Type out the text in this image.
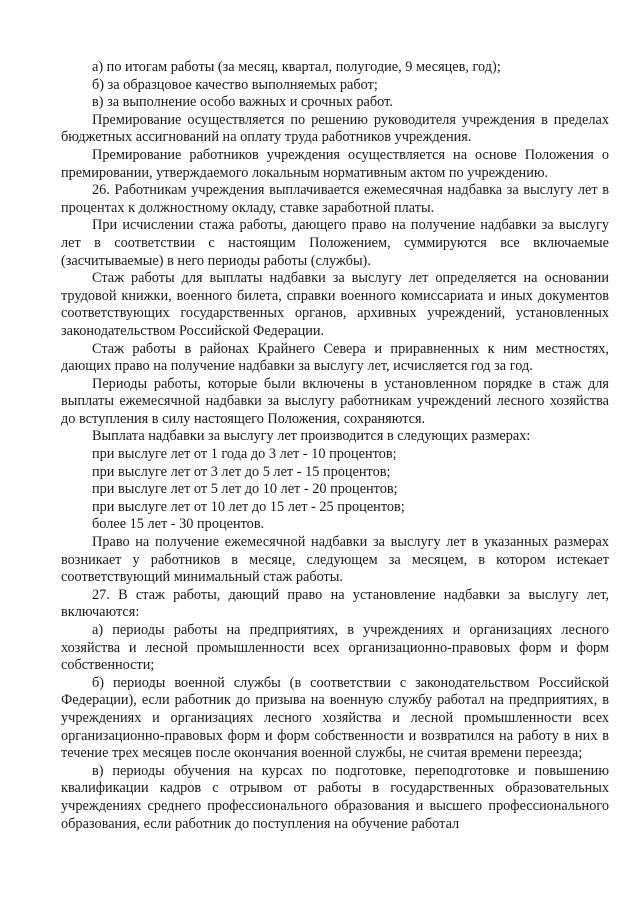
а) по итогам работы (за месяц, квартал, полугодие, 9 месяцев, год);

б) за образцовое качество выполняемых работ;

в) за выполнение особо важных и срочных работ.

Премирование осуществляется по решению руководителя учреждения в пределах бюджетных ассигнований на оплату труда работников учреждения.

Премирование работников учреждения осуществляется на основе Положения о премировании, утверждаемого локальным нормативным актом по учреждению.

26. Работникам учреждения выплачивается ежемесячная надбавка за выслугу лет в процентах к должностному окладу, ставке заработной платы.

При исчислении стажа работы, дающего право на получение надбавки за выслугу лет в соответствии с настоящим Положением, суммируются все включаемые (засчитываемые) в него периоды работы (службы).

Стаж работы для выплаты надбавки за выслугу лет определяется на основании трудовой книжки, военного билета, справки военного комиссариата и иных документов соответствующих государственных органов, архивных учреждений, установленных законодательством Российской Федерации.

Стаж работы в районах Крайнего Севера и приравненных к ним местностях, дающих право на получение надбавки за выслугу лет, исчисляется год за год.

Периоды работы, которые были включены в установленном порядке в стаж для выплаты ежемесячной надбавки за выслугу работникам учреждений лесного хозяйства до вступления в силу настоящего Положения, сохраняются.

Выплата надбавки за выслугу лет производится в следующих размерах:

при выслуге лет от 1 года до 3 лет - 10 процентов;

при выслуге лет от 3 лет до 5 лет - 15 процентов;

при выслуге лет от 5 лет до 10 лет - 20 процентов;

при выслуге лет от 10 лет до 15 лет - 25 процентов;

более 15 лет - 30 процентов.

Право на получение ежемесячной надбавки за выслугу лет в указанных размерах возникает у работников в месяце, следующем за месяцем, в котором истекает соответствующий минимальный стаж работы.

27. В стаж работы, дающий право на установление надбавки за выслугу лет, включаются:

а) периоды работы на предприятиях, в учреждениях и организациях лесного хозяйства и лесной промышленности всех организационно-правовых форм и форм собственности;

б) периоды военной службы (в соответствии с законодательством Российской Федерации), если работник до призыва на военную службу работал на предприятиях, в учреждениях и организациях лесного хозяйства и лесной промышленности всех организационно-правовых форм и форм собственности и возвратился на работу в них в течение трех месяцев после окончания военной службы, не считая времени переезда;

в) периоды обучения на курсах по подготовке, переподготовке и повышению квалификации кадров с отрывом от работы в государственных образовательных учреждениях среднего профессионального образования и высшего профессионального образования, если работник до поступления на обучение работал
